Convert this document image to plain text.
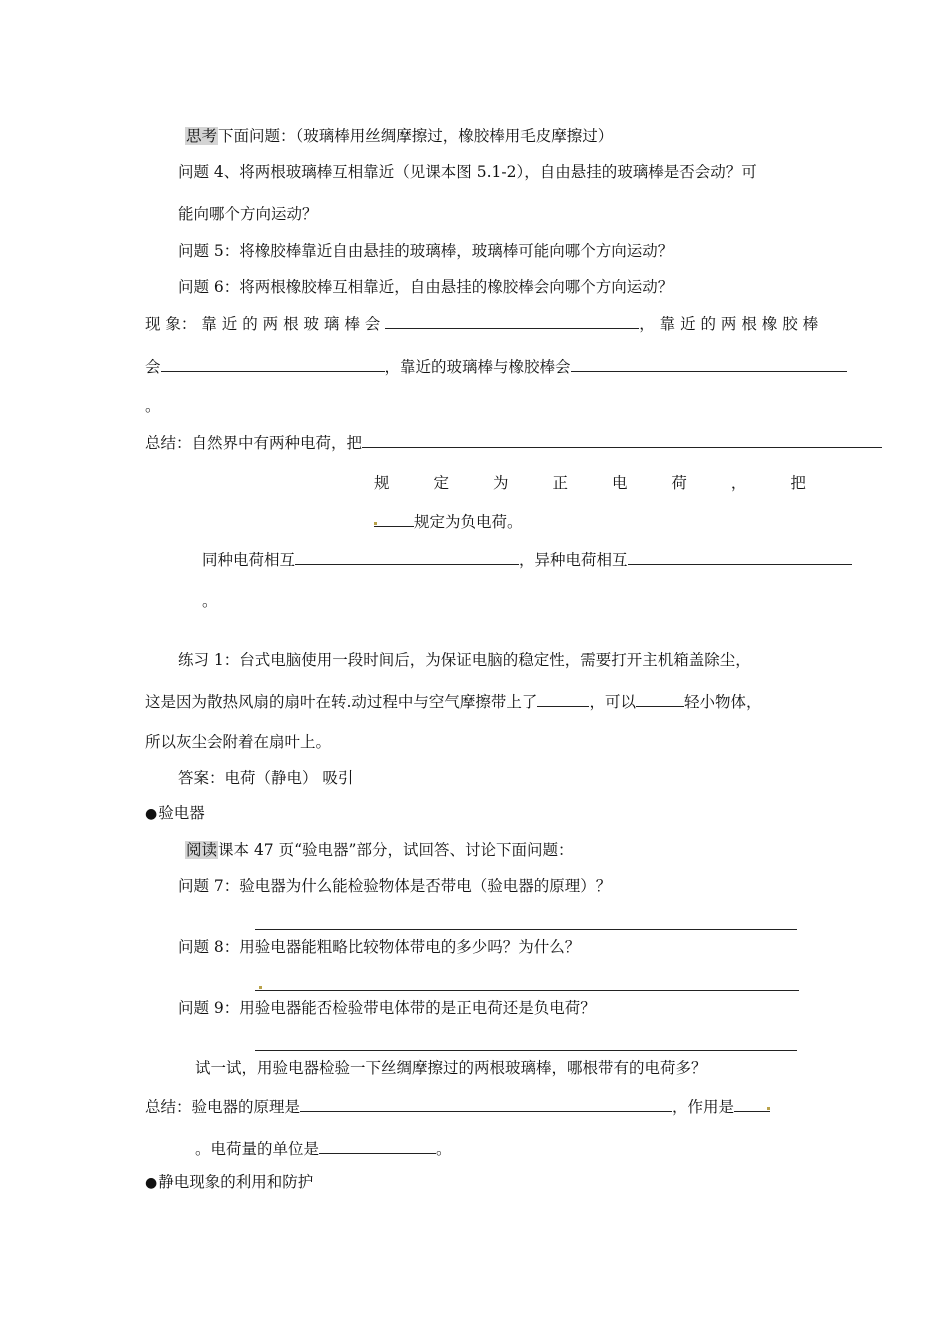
思考下面问题：（玻璃棒用丝绸摩擦过，橡胶棒用毛皮摩擦过）
问题 4、将两根玻璃棒互相靠近（见课本图 5.1-2），自由悬挂的玻璃棒是否会动？可
能向哪个方向运动？
问题 5：将橡胶棒靠近自由悬挂的玻璃棒，玻璃棒可能向哪个方向运动？
问题 6：将两根橡胶棒互相靠近，自由悬挂的橡胶棒会向哪个方向运动？
现 象： 靠 近 的 两 根 玻 璃 棒 会	， 靠 近 的 两 根 橡 胶 棒
会	，靠近的玻璃棒与橡胶棒会
。
总结：自然界中有两种电荷，把
规	定	为	正	电	荷	，	把
规定为负电荷。
同种电荷相互	，异种电荷相互
。
练习 1：台式电脑使用一段时间后，为保证电脑的稳定性，需要打开主机箱盖除尘，
这是因为散热风扇的扇叶在转.动过程中与空气摩擦带上了	，可以	轻小物体，
所以灰尘会附着在扇叶上。
答案：电荷（静电） 吸引
●验电器
阅读课本 47 页“验电器”部分，试回答、讨论下面问题：
问题 7：验电器为什么能检验物体是否带电（验电器的原理）？
问题 8：用验电器能粗略比较物体带电的多少吗？为什么？
问题 9：用验电器能否检验带电体带的是正电荷还是负电荷？
试一试，用验电器检验一下丝绸摩擦过的两根玻璃棒，哪根带有的电荷多？
总结：验电器的原理是	，作用是
。电荷量的单位是	。
●静电现象的利用和防护
